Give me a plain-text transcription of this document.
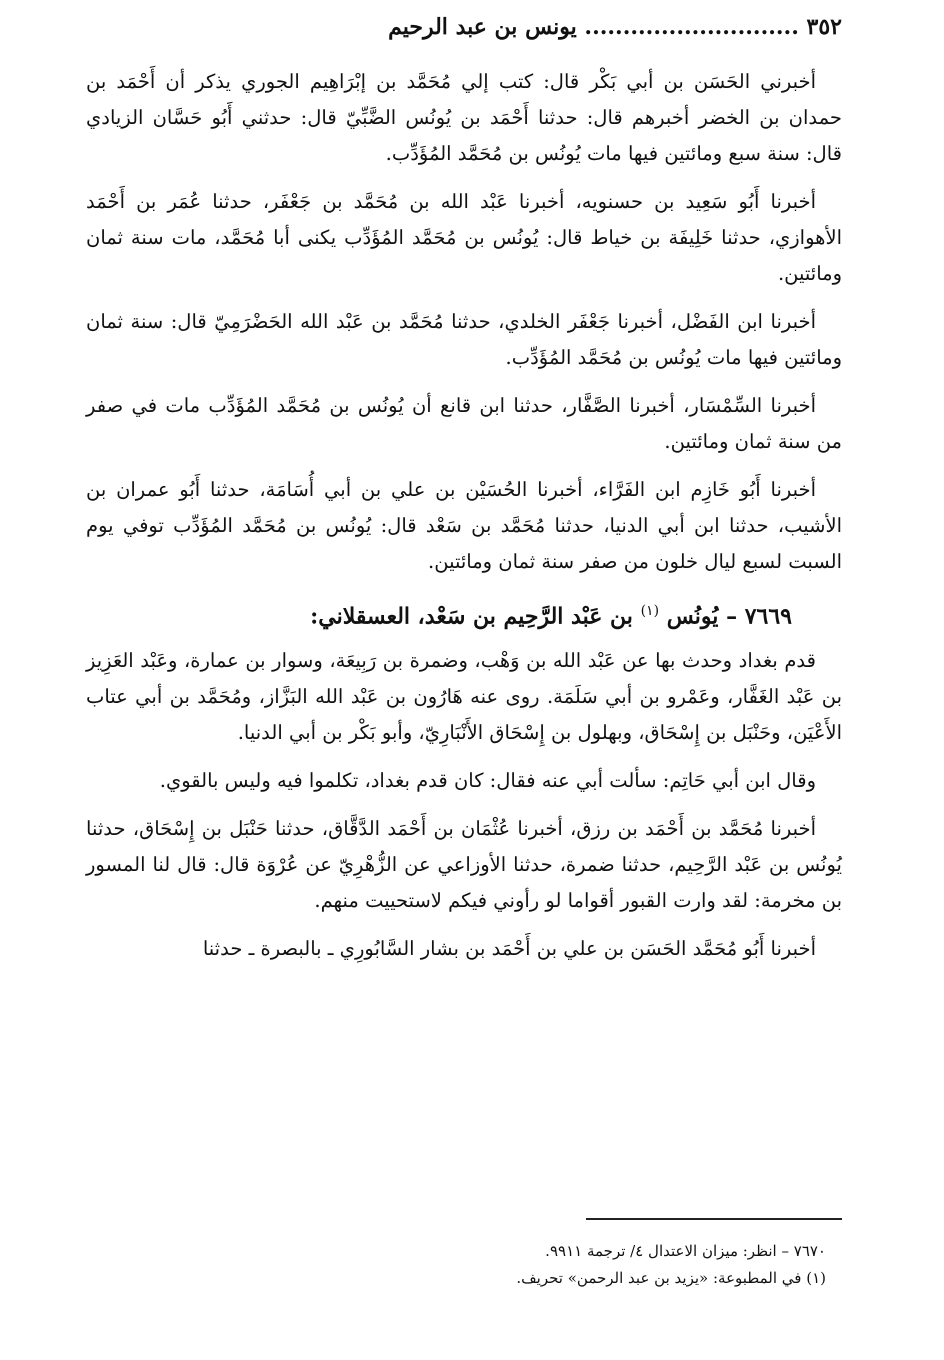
٣٥٢ ............................ يونس بن عبد الرحيم

أخبرني الحَسَن بن أبي بَكْر قال: كتب إلي مُحَمَّد بن إبْرَاهِيم الجوري يذكر أن أَحْمَد بن حمدان بن الخضر أخبرهم قال: حدثنا أَحْمَد بن يُونُس الضَّبِّيّ قال: حدثني أَبُو حَسَّان الزيادي قال: سنة سبع ومائتين فيها مات يُونُس بن مُحَمَّد المُؤَدِّب.

أخبرنا أَبُو سَعِيد بن حسنويه، أخبرنا عَبْد الله بن مُحَمَّد بن جَعْفَر، حدثنا عُمَر بن أَحْمَد الأهوازي، حدثنا خَلِيفَة بن خياط قال: يُونُس بن مُحَمَّد المُؤَدِّب يكنى أبا مُحَمَّد، مات سنة ثمان ومائتين.

أخبرنا ابن الفَضْل، أخبرنا جَعْفَر الخلدي، حدثنا مُحَمَّد بن عَبْد الله الحَضْرَمِيّ قال: سنة ثمان ومائتين فيها مات يُونُس بن مُحَمَّد المُؤَدِّب.

أخبرنا السِّمْسَار، أخبرنا الصَّفَّار، حدثنا ابن قانع أن يُونُس بن مُحَمَّد المُؤَدِّب مات في صفر من سنة ثمان ومائتين.

أخبرنا أَبُو خَازِم ابن الفَرَّاء، أخبرنا الحُسَيْن بن علي بن أبي أُسَامَة، حدثنا أَبُو عمران بن الأشيب، حدثنا ابن أبي الدنيا، حدثنا مُحَمَّد بن سَعْد قال: يُونُس بن مُحَمَّد المُؤَدِّب توفي يوم السبت لسبع ليال خلون من صفر سنة ثمان ومائتين.

٧٦٦٩ – يُونُس $^{(١)}$ بن عَبْد الرَّحِيم بن سَعْد، العسقلاني:

قدم بغداد وحدث بها عن عَبْد الله بن وَهْب، وضمرة بن رَبِيعَة، وسوار بن عمارة، وعَبْد العَزِيز بن عَبْد الغَفَّار، وعَمْرو بن أبي سَلَمَة. روى عنه هَارُون بن عَبْد الله البَزَّاز، ومُحَمَّد بن أبي عتاب الأَعْيَن، وحَنْبَل بن إِسْحَاق، وبهلول بن إِسْحَاق الأَنْبَارِيّ، وأبو بَكْر بن أبي الدنيا.

وقال ابن أبي حَاتِم: سألت أبي عنه فقال: كان قدم بغداد، تكلموا فيه وليس بالقوي.

أخبرنا مُحَمَّد بن أَحْمَد بن رزق، أخبرنا عُثْمَان بن أَحْمَد الدَّقَّاق، حدثنا حَنْبَل بن إِسْحَاق، حدثنا يُونُس بن عَبْد الرَّحِيم، حدثنا ضمرة، حدثنا الأوزاعي عن الزُّهْرِيّ عن عُرْوَة قال: قال لنا المسور بن مخرمة: لقد وارت القبور أقواما لو رأوني فيكم لاستحييت منهم.

أخبرنا أَبُو مُحَمَّد الحَسَن بن علي بن أَحْمَد بن بشار السَّابُورِي ـ بالبصرة ـ حدثنا

٧٦٧٠ – انظر: ميزان الاعتدال ٤/ ترجمة ٩٩١١.
(١) في المطبوعة: «يزيد بن عبد الرحمن» تحريف.
